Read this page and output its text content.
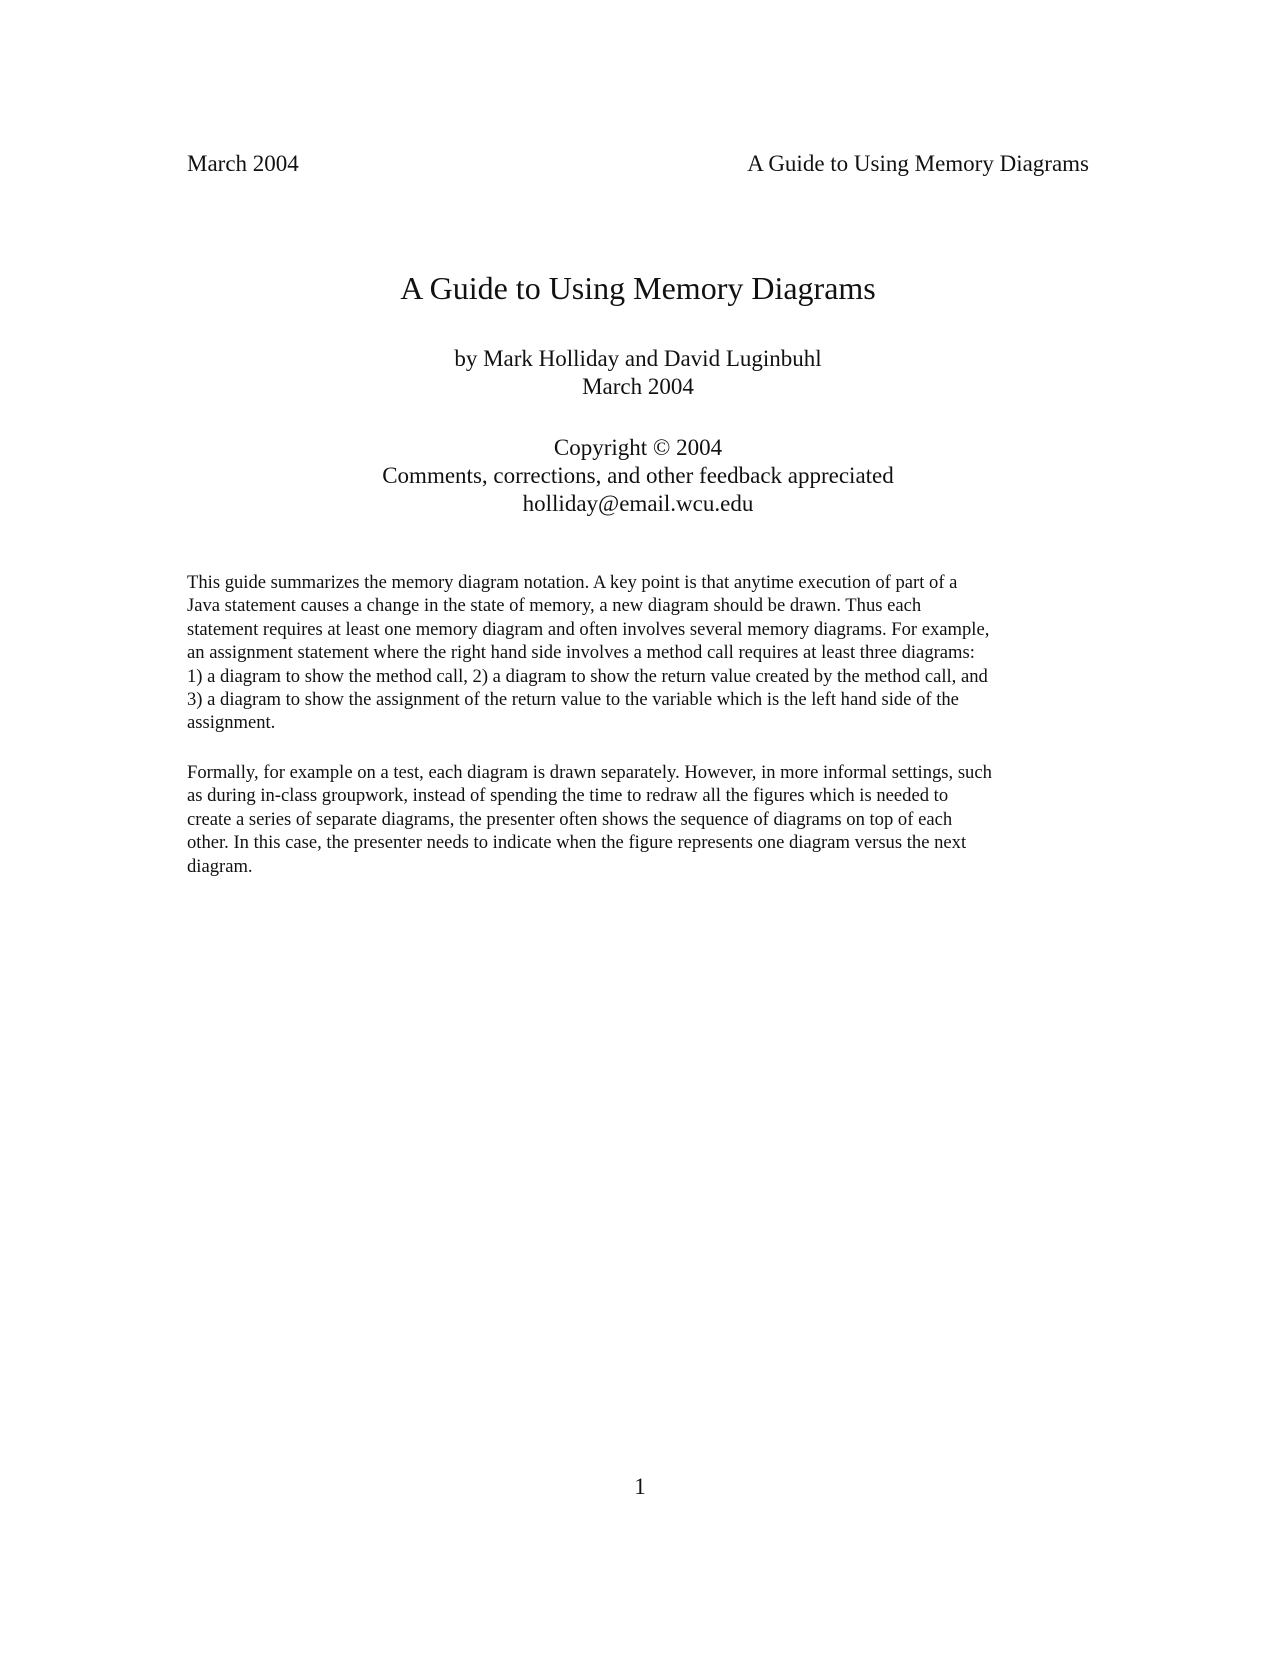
March 2004	A Guide to Using Memory Diagrams
A Guide to Using Memory Diagrams
by Mark Holliday and David Luginbuhl
March 2004
Copyright © 2004
Comments, corrections, and other feedback appreciated
holliday@email.wcu.edu

This guide summarizes the memory diagram notation. A key point is that anytime execution of part of a
Java statement causes a change in the state of memory, a new diagram should be drawn. Thus each
statement requires at least one memory diagram and often involves several memory diagrams. For example,
an assignment statement where the right hand side involves a method call requires at least three diagrams:
1) a diagram to show the method call, 2) a diagram to show the return value created by the method call, and
3) a diagram to show the assignment of the return value to the variable which is the left hand side of the
assignment.

Formally, for example on a test, each diagram is drawn separately. However, in more informal settings, such
as during in-class groupwork, instead of spending the time to redraw all the figures which is needed to
create a series of separate diagrams, the presenter often shows the sequence of diagrams on top of each
other. In this case, the presenter needs to indicate when the figure represents one diagram versus the next
diagram.

1
